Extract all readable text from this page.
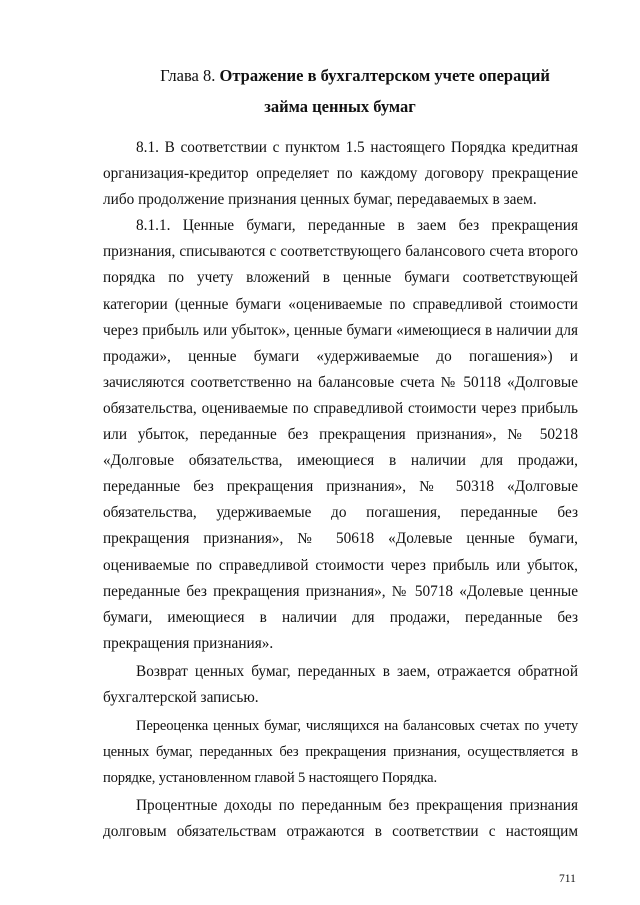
Глава 8. Отражение в бухгалтерском учете операций
займа ценных бумаг

8.1. В соответствии с пунктом 1.5 настоящего Порядка кредитная организация-кредитор определяет по каждому договору прекращение либо продолжение признания ценных бумаг, передаваемых в заем.

8.1.1. Ценные бумаги, переданные в заем без прекращения признания, списываются с соответствующего балансового счета второго порядка по учету вложений в ценные бумаги соответствующей категории (ценные бумаги «оцениваемые по справедливой стоимости через прибыль или убыток», ценные бумаги «имеющиеся в наличии для продажи», ценные бумаги «удерживаемые до погашения») и зачисляются соответственно на балансовые счета № 50118 «Долговые обязательства, оцениваемые по справедливой стоимости через прибыль или убыток, переданные без прекращения признания», № 50218 «Долговые обязательства, имеющиеся в наличии для продажи, переданные без прекращения признания», № 50318 «Долговые обязательства, удерживаемые до погашения, переданные без прекращения признания», № 50618 «Долевые ценные бумаги, оцениваемые по справедливой стоимости через прибыль или убыток, переданные без прекращения признания», № 50718 «Долевые ценные бумаги, имеющиеся в наличии для продажи, переданные без прекращения признания».

Возврат ценных бумаг, переданных в заем, отражается обратной бухгалтерской записью.

Переоценка ценных бумаг, числящихся на балансовых счетах по учету ценных бумаг, переданных без прекращения признания, осуществляется в порядке, установленном главой 5 настоящего Порядка.

Процентные доходы по переданным без прекращения признания долговым обязательствам отражаются в соответствии с настоящим

711
